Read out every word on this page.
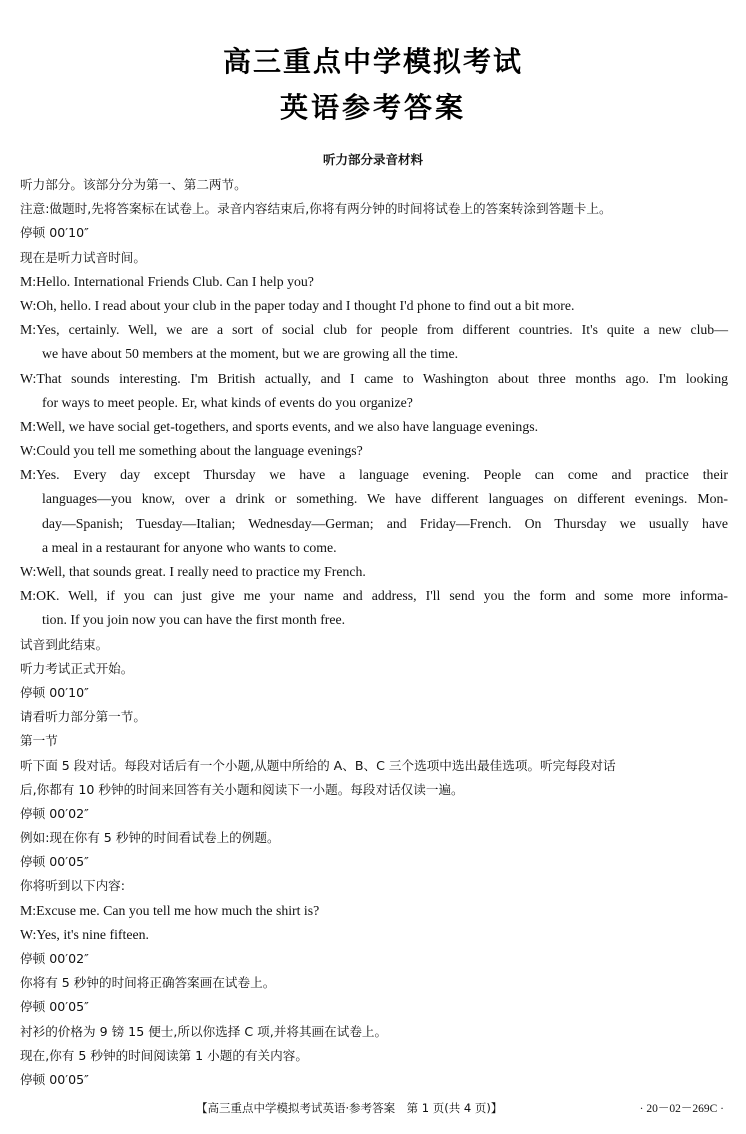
高三重点中学模拟考试
英语参考答案
听力部分录音材料
听力部分。该部分分为第一、第二两节。
注意:做题时,先将答案标在试卷上。录音内容结束后,你将有两分钟的时间将试卷上的答案转涂到答题卡上。
停顿 00′10″
现在是听力试音时间。
M:Hello. International Friends Club. Can I help you?
W:Oh, hello. I read about your club in the paper today and I thought I'd phone to find out a bit more.
M:Yes, certainly. Well, we are a sort of social club for people from different countries. It's quite a new club—
we have about 50 members at the moment, but we are growing all the time.
W:That sounds interesting. I'm British actually, and I came to Washington about three months ago. I'm looking
for ways to meet people. Er, what kinds of events do you organize?
M:Well, we have social get-togethers, and sports events, and we also have language evenings.
W:Could you tell me something about the language evenings?
M:Yes. Every day except Thursday we have a language evening. People can come and practice their
languages—you know, over a drink or something. We have different languages on different evenings. Mon-
day—Spanish; Tuesday—Italian; Wednesday—German; and Friday—French. On Thursday we usually have
a meal in a restaurant for anyone who wants to come.
W:Well, that sounds great. I really need to practice my French.
M:OK. Well, if you can just give me your name and address, I'll send you the form and some more informa-
tion. If you join now you can have the first month free.
试音到此结束。
听力考试正式开始。
停顿 00′10″
请看听力部分第一节。
第一节
听下面 5 段对话。每段对话后有一个小题,从题中所给的 A、B、C 三个选项中选出最佳选项。听完每段对话
后,你都有 10 秒钟的时间来回答有关小题和阅读下一小题。每段对话仅读一遍。
停顿 00′02″
例如:现在你有 5 秒钟的时间看试卷上的例题。
停顿 00′05″
你将听到以下内容:
M:Excuse me. Can you tell me how much the shirt is?
W:Yes, it's nine fifteen.
停顿 00′02″
你将有 5 秒钟的时间将正确答案画在试卷上。
停顿 00′05″
衬衫的价格为 9 镑 15 便士,所以你选择 C 项,并将其画在试卷上。
现在,你有 5 秒钟的时间阅读第 1 小题的有关内容。
停顿 00′05″
【高三重点中学模拟考试英语·参考答案　第 1 页(共 4 页)】	· 20－02－269C ·
